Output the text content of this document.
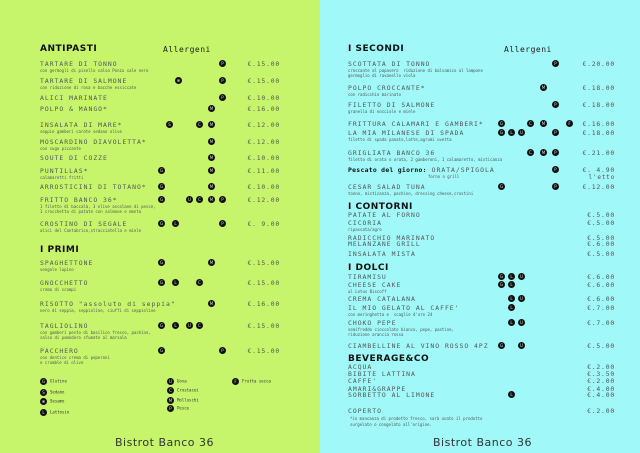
ANTIPASTI	Allergeni
TARTARE DI TONNO
con germogli di pisello salsa Ponzu sale nero
P	€.15.00
TARTARE DI SALMONE
con riduzione di rosa e bacche essiccate
❋	P	€.15.00
ALICI MARINATE	P	€.10.00
POLPO & MANGO*	M	€.16.00
INSALATA DI MARE*
seppie gamberi carote sedano olive
S	C	M	€.12.00
MOSCARDINO DIAVOLETTA*
con sugo piccante
M	€.12.00
SOUTE DI COZZE	M	€.10.00
PUNTILLAS*
calamaretti fritti
G	M	€.11.00
ARROSTICINI DI TOTANO*	G	M	€.10.00
FRITTO BANCO 36*
1 filetto di baccalà, 3 olive ascolane di pesce,
1 crocchetta di patate con salmone e menta
G	U	C	M	P	€.12.00
CROSTINO DI SEGALE
alici del Cantabrico,stracciatella e miele
G	L	P	€. 9.00
I PRIMI
SPAGHETTONE
vongole lupino
G	M	€.15.00
GNOCCHETTO
crema di scampi
G	L	C	€.15.00
RISOTTO "assoluto di seppia"
nero di seppia, seppioline, ciuffi di seppioline
M	€.16.00
TAGLIOLINO
con gamberi pesto di basilico fresco, pachino,
salsa di pomodoro sfumato al marsala
G	L	U	C	€.15.00
PACCHERO
con dentice crema di peperoni
e crumble di olive
G	P	€.15.00
Bistrot Banco 36
G Glutine
S Sedano
❋ Sesamo
L Lattosio
U Uova
C Crostacei
M Molluschi
P Pesce
F Frutta secca
I SECONDI	Allergeni
SCOTTATA DI TONNO
croccante al papavero  riduzione di balsamico al lampone
germoglio di ravanello viola
P	€.20.00
POLPO CROCCANTE*
con radicchio marinato
M	€.18.00
FILETTO DI SALMONE
granella di nocciole e miele
P	€.18.00
FRITTURA CALAMARI E GAMBERI*	G	C	M	F	€.16.00
LA MIA MILANESE DI SPADA
filetto di spada panato,latte,agrumi uvetta
G	L	U	P	€.18.00
GRIGLIATA BANCO 36
filetto di orata o orata, 2 gamberoni, 1 calamaretto, misticanza
C	M	P	€.21.00
Pescato del giorno: ORATA/SPIGOLA
forno o grill
P	€. 4.90
l'etto
CESAR SALAD TUNA
tonno, misticanza, pachino, dressing cheese,crostini
G	P	€.12.00
I CONTORNI
PATATE AL FORNO	€.5.00
CICORIA
ripassata/agro
€.5.00
RADICCHIO MARINATO	€.5.00
MELANZANE GRILL	€.6.00
INSALATA MISTA	€.5.00
I DOLCI
TIRAMISU	G	L	U	€.6.00
CHEESE CAKE
al Lotus Biscoff
G	L	€.6.00
CREMA CATALANA	L	U	€.6.00
IL MIO GELATO AL CAFFE'
con meringhetta e  scaglie d'oro 24
L	€.7.00
CHOKO PEPE
semifreddo cioccolato bianco, pepe, pastine,
riduzione arancia rossa
L	U	€.7.00
CIAMBELLINE AL VINO ROSSO 4PZ	G	U	€.5.00
BEVERAGE&CO
ACQUA	€.2.00
BIBITE LATTINA	€.3.50
CAFFE'	€.2.00
AMARI&GRAPPE	€.4.00
SORBETTO AL LIMONE	L	€.4.00
COPERTO	€.2.00
Bistrot Banco 36
*in mancanza di prodotto fresco, sarà usato il prodotto
surgelato o congelato all'origine.
